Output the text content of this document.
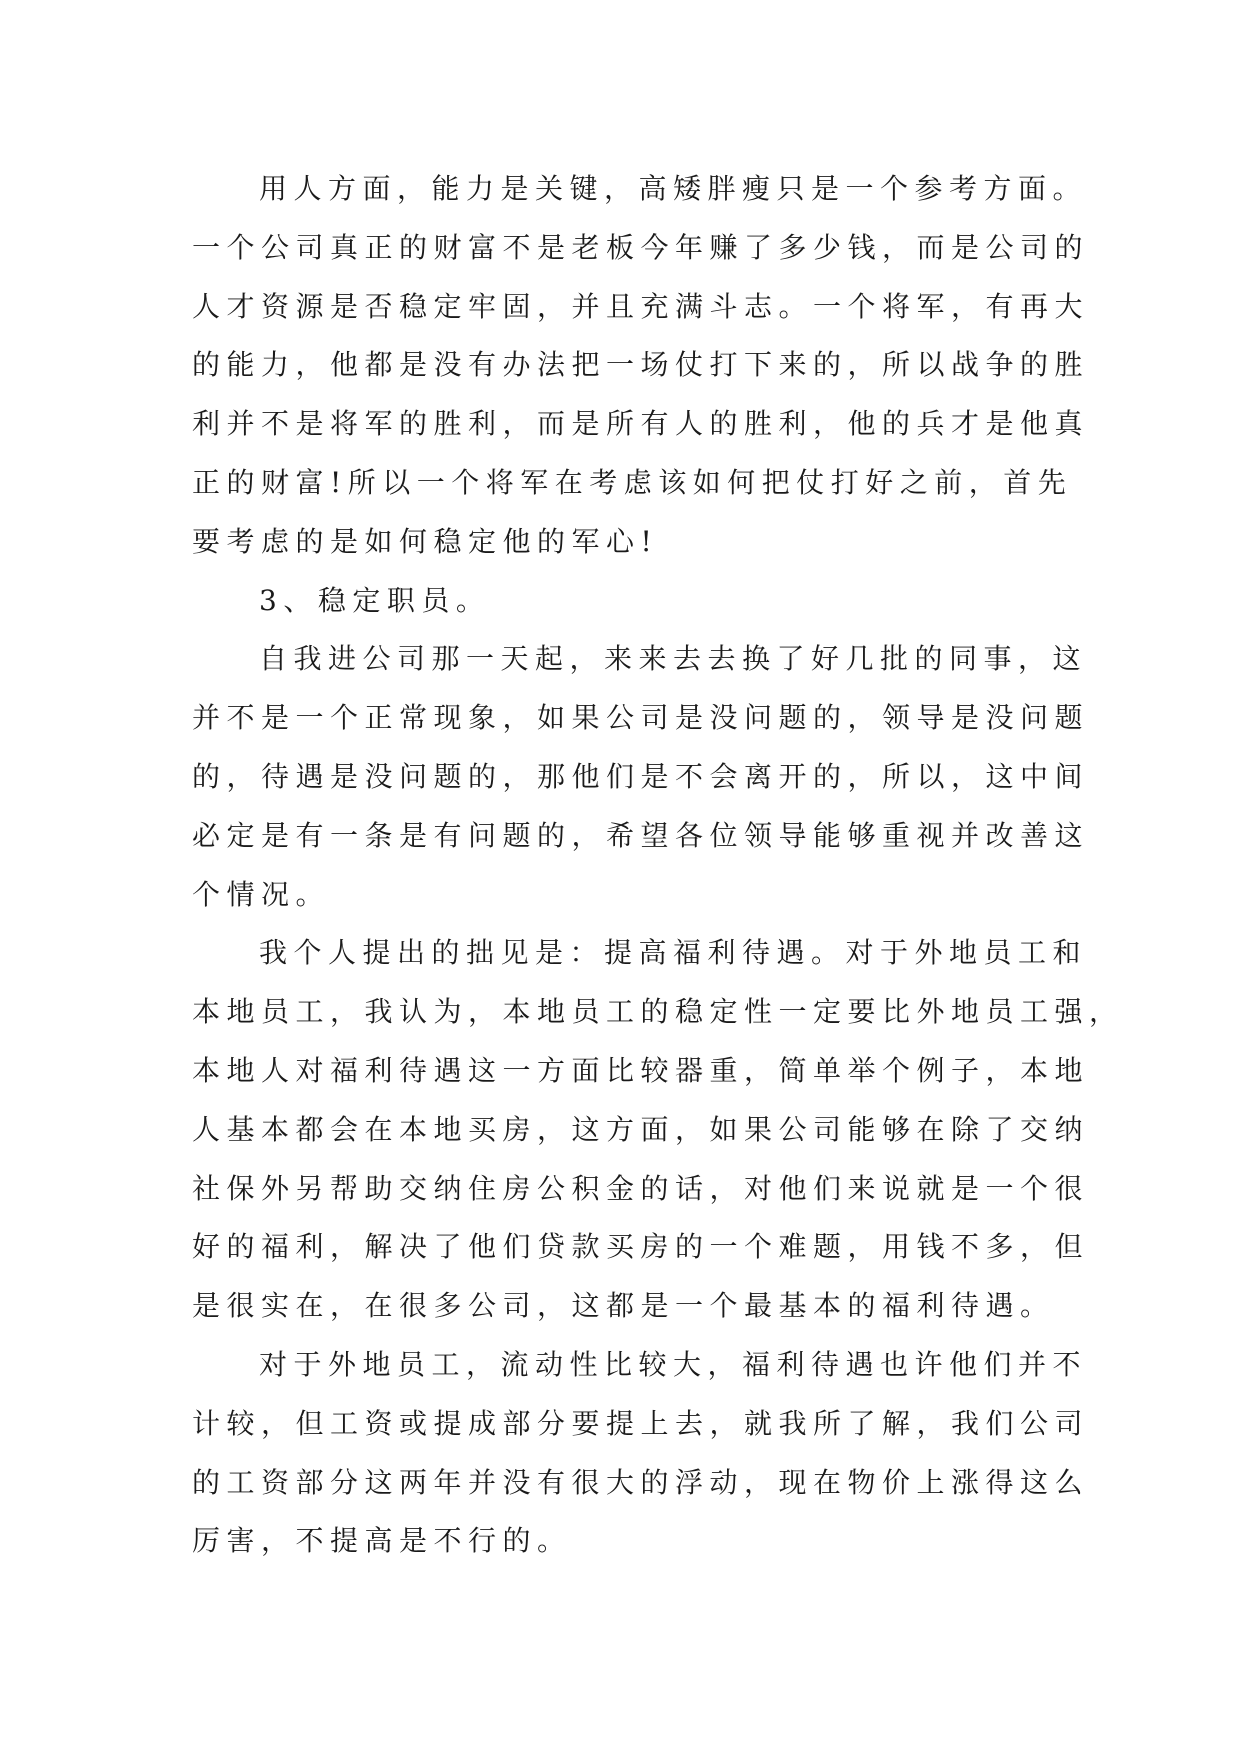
用人方面，能力是关键，高矮胖瘦只是一个参考方面。
一个公司真正的财富不是老板今年赚了多少钱，而是公司的
人才资源是否稳定牢固，并且充满斗志。一个将军，有再大
的能力，他都是没有办法把一场仗打下来的，所以战争的胜
利并不是将军的胜利，而是所有人的胜利，他的兵才是他真
正的财富!所以一个将军在考虑该如何把仗打好之前，首先
要考虑的是如何稳定他的军心!
3、稳定职员。
自我进公司那一天起，来来去去换了好几批的同事，这
并不是一个正常现象，如果公司是没问题的，领导是没问题
的，待遇是没问题的，那他们是不会离开的，所以，这中间
必定是有一条是有问题的，希望各位领导能够重视并改善这
个情况。
我个人提出的拙见是：提高福利待遇。对于外地员工和
本地员工，我认为，本地员工的稳定性一定要比外地员工强，
本地人对福利待遇这一方面比较器重，简单举个例子，本地
人基本都会在本地买房，这方面，如果公司能够在除了交纳
社保外另帮助交纳住房公积金的话，对他们来说就是一个很
好的福利，解决了他们贷款买房的一个难题，用钱不多，但
是很实在，在很多公司，这都是一个最基本的福利待遇。
对于外地员工，流动性比较大，福利待遇也许他们并不
计较，但工资或提成部分要提上去，就我所了解，我们公司
的工资部分这两年并没有很大的浮动，现在物价上涨得这么
厉害，不提高是不行的。
